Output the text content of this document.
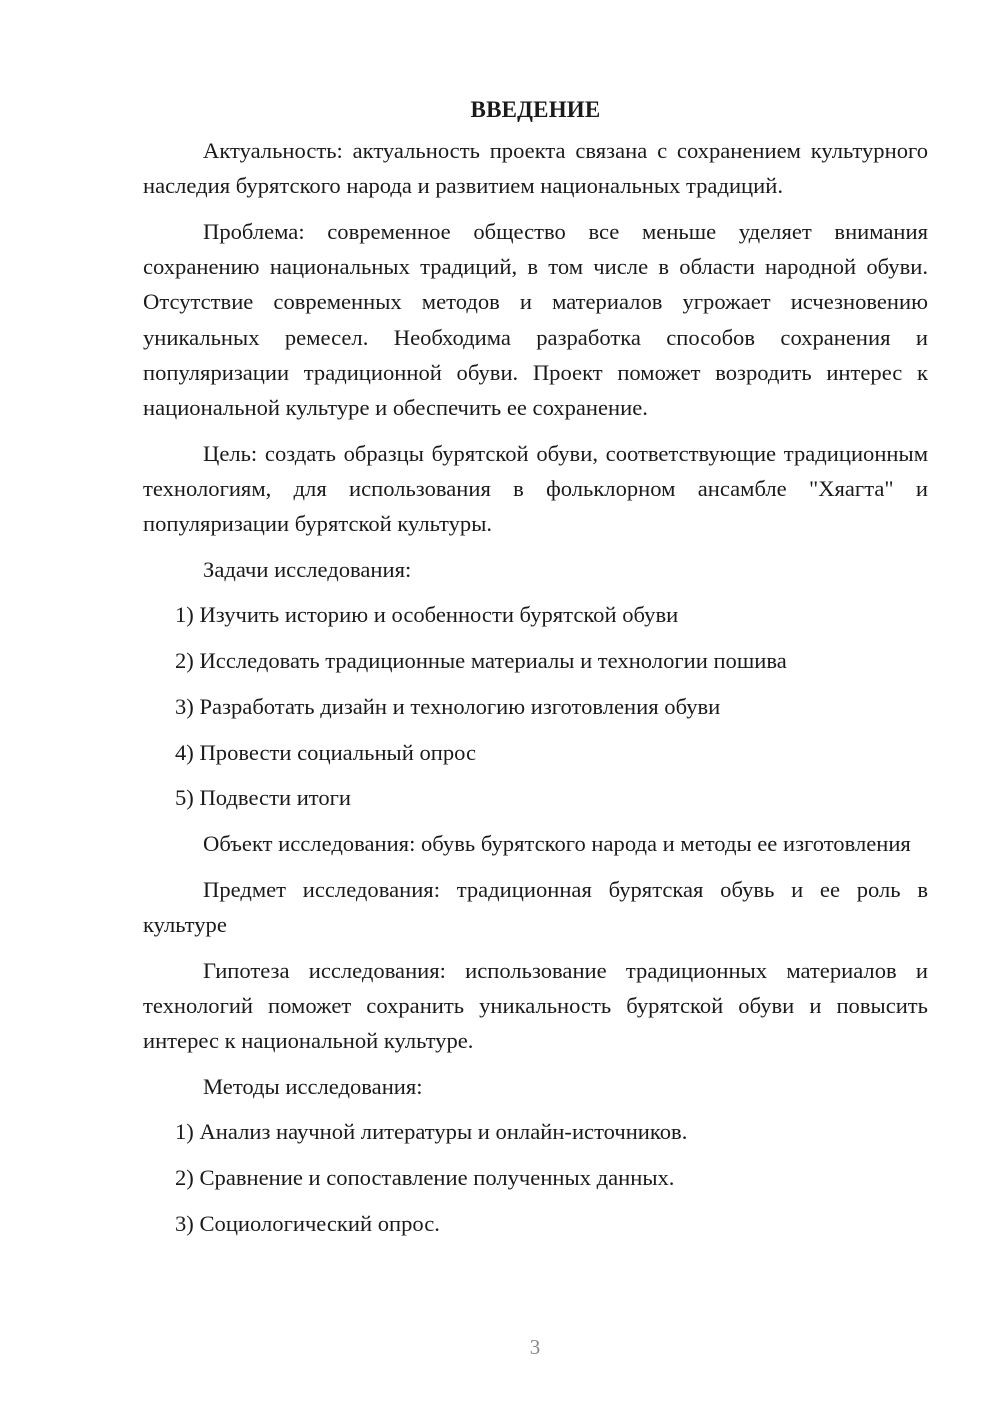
ВВЕДЕНИЕ

Актуальность: актуальность проекта связана с сохранением культурного наследия бурятского народа и развитием национальных традиций.

Проблема: современное общество все меньше уделяет внимания сохранению национальных традиций, в том числе в области народной обуви. Отсутствие современных методов и материалов угрожает исчезновению уникальных ремесел. Необходима разработка способов сохранения и популяризации традиционной обуви. Проект поможет возродить интерес к национальной культуре и обеспечить ее сохранение.

Цель: создать образцы бурятской обуви, соответствующие традиционным технологиям, для использования в фольклорном ансамбле "Хяагта" и популяризации бурятской культуры.

Задачи исследования:

1) Изучить историю и особенности бурятской обуви
2) Исследовать традиционные материалы и технологии пошива
3) Разработать дизайн и технологию изготовления обуви
4) Провести социальный опрос
5) Подвести итоги

Объект исследования: обувь бурятского народа и методы ее изготовления

Предмет исследования: традиционная бурятская обувь и ее роль в культуре

Гипотеза исследования: использование традиционных материалов и технологий поможет сохранить уникальность бурятской обуви и повысить интерес к национальной культуре.

Методы исследования:

1) Анализ научной литературы и онлайн-источников.
2) Сравнение и сопоставление полученных данных.
3) Социологический опрос.
3
